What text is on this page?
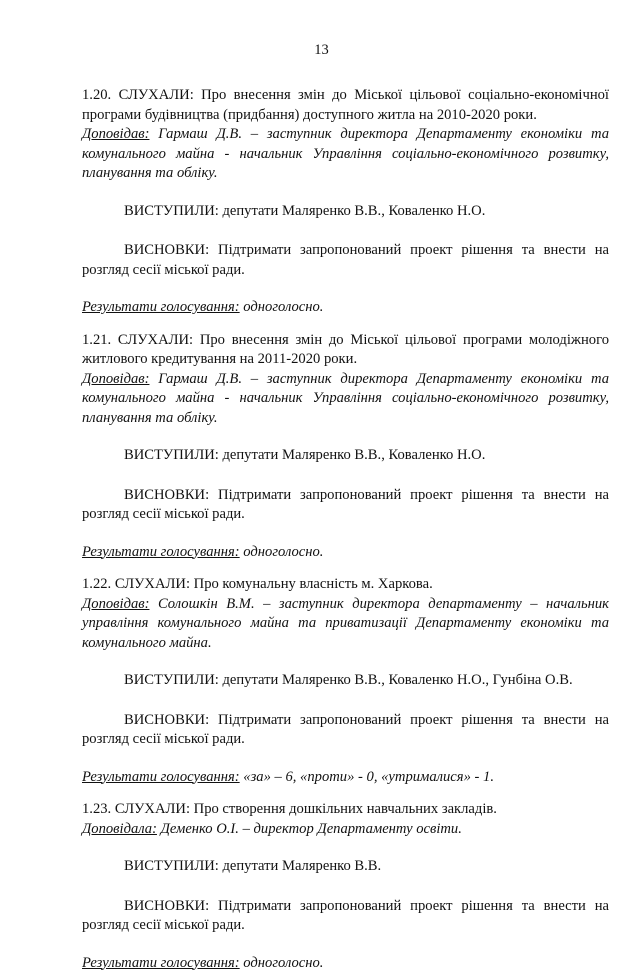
13

1.20. СЛУХАЛИ: Про внесення змін до Міської цільової соціально-економічної програми будівництва (придбання) доступного житла на 2010-2020 роки.

Доповідав: Гармаш Д.В. – заступник директора Департаменту економіки та комунального майна - начальник Управління соціально-економічного розвитку, планування та обліку.

ВИСТУПИЛИ: депутати Маляренко В.В., Коваленко Н.О.

ВИСНОВКИ: Підтримати запропонований проект рішення та внести на розгляд сесії міської ради.

Результати голосування: одноголосно.

1.21. СЛУХАЛИ: Про внесення змін до Міської цільової програми молодіжного житлового кредитування на 2011-2020 роки.

Доповідав: Гармаш Д.В. – заступник директора Департаменту економіки та комунального майна - начальник Управління соціально-економічного розвитку, планування та обліку.

ВИСТУПИЛИ: депутати Маляренко В.В., Коваленко Н.О.

ВИСНОВКИ: Підтримати запропонований проект рішення та внести на розгляд сесії міської ради.

Результати голосування: одноголосно.

1.22. СЛУХАЛИ: Про комунальну власність м. Харкова.

Доповідав: Солошкін В.М. – заступник директора департаменту – начальник управління комунального майна та приватизації Департаменту економіки та комунального майна.

ВИСТУПИЛИ: депутати Маляренко В.В., Коваленко Н.О., Гунбіна О.В.

ВИСНОВКИ: Підтримати запропонований проект рішення та внести на розгляд сесії міської ради.

Результати голосування: «за» – 6, «проти» - 0, «утрималися» - 1.

1.23. СЛУХАЛИ: Про створення дошкільних навчальних закладів.

Доповідала: Деменко О.І. – директор Департаменту освіти.

ВИСТУПИЛИ: депутати Маляренко В.В.

ВИСНОВКИ: Підтримати запропонований проект рішення та внести на розгляд сесії міської ради.

Результати голосування: одноголосно.
